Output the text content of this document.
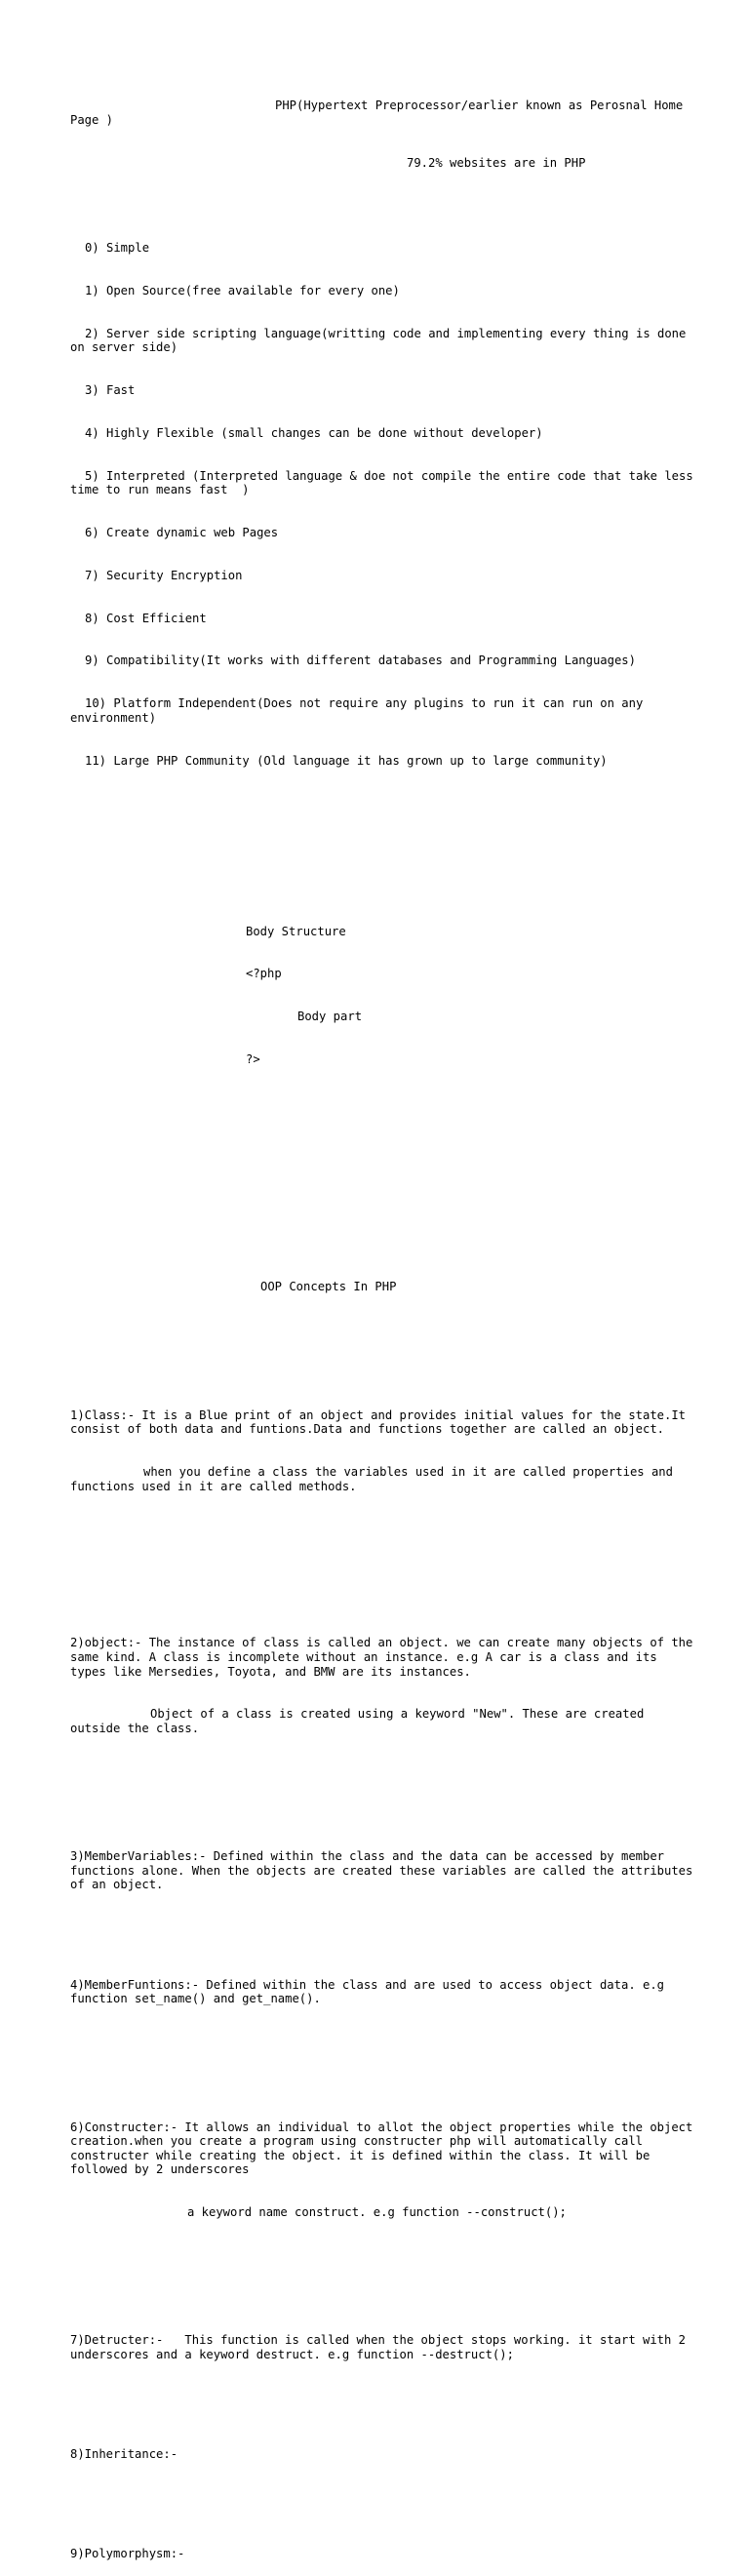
PHP(Hypertext Preprocessor/earlier known as Perosnal Home Page )

79.2% websites are in PHP

0) Simple

1) Open Source(free available for every one)

2) Server side scripting language(writting code and implementing every thing is done on server side)

3) Fast

4) Highly Flexible (small changes can be done without developer)

5) Interpreted (Interpreted language & doe not compile the entire code that take less time to run means fast  )

6) Create dynamic web Pages

7) Security Encryption

8) Cost Efficient

9) Compatibility(It works with different databases and Programming Languages)

10) Platform Independent(Does not require any plugins to run it can run on any environment)

11) Large PHP Community (Old language it has grown up to large community)

Body Structure

<?php

Body part

?>

OOP Concepts In PHP

1)Class:- It is a Blue print of an object and provides initial values for the state.It consist of both data and funtions.Data and functions together are called an object.

when you define a class the variables used in it are called properties and functions used in it are called methods.

2)object:- The instance of class is called an object. we can create many objects of the same kind. A class is incomplete without an instance. e.g A car is a class and its types like Mersedies, Toyota, and BMW are its instances.

Object of a class is created using a keyword "New". These are created outside the class.

3)MemberVariables:- Defined within the class and the data can be accessed by member functions alone. When the objects are created these variables are called the attributes of an object.

4)MemberFuntions:- Defined within the class and are used to access object data. e.g function set_name() and get_name().

6)Constructer:- It allows an individual to allot the object properties while the object creation.when you create a program using constructer php will automatically call constructer while creating the object. it is defined within the class. It will be followed by 2 underscores

a keyword name construct. e.g function --construct();

7)Detructer:-   This function is called when the object stops working. it start with 2 underscores and a keyword destruct. e.g function --destruct();

8)Inheritance:-

9)Polymorphysm:-
